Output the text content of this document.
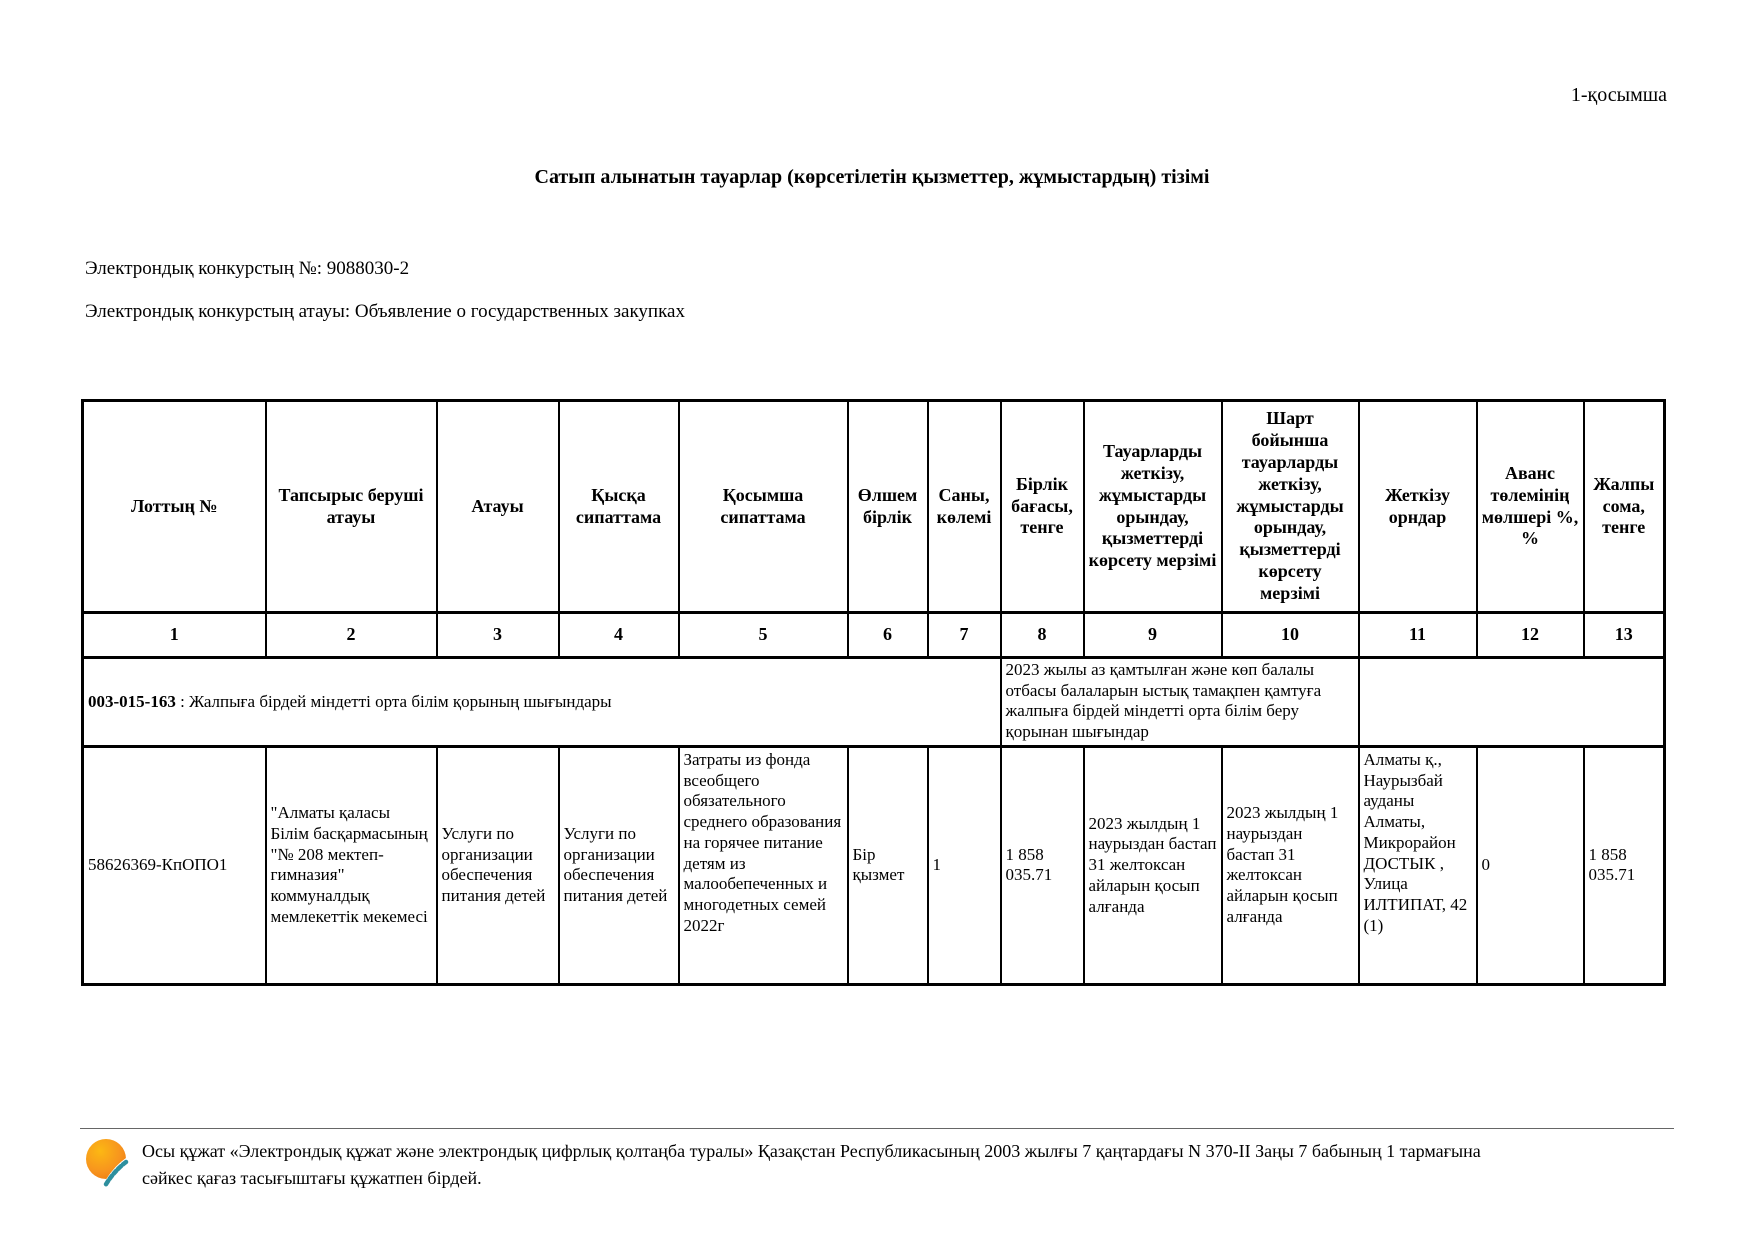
1-қосымша
Сатып алынатын тауарлар (көрсетілетін қызметтер, жұмыстардың) тізімі
Электрондық конкурстың №: 9088030-2
Электрондық конкурстың атауы: Объявление о государственных закупках
Лоттың №	Тапсырыс беруші атауы	Атауы	Қысқа сипаттама	Қосымша сипаттама	Өлшем бірлік	Саны, көлемі	Бірлік бағасы, тенге	Тауарларды жеткізу, жұмыстарды орындау, қызметтерді көрсету мерзімі	Шарт бойынша тауарларды жеткізу, жұмыстарды орындау, қызметтерді көрсету мерзімі	Жеткізу орндар	Аванс төлемінің мөлшері %, %	Жалпы сома, тенге
1	2	3	4	5	6	7	8	9	10	11	12	13
003-015-163 : Жалпыға бірдей міндетті орта білім қорының шығындары							2023 жылы аз қамтылған және көп балалы отбасы балаларын ыстық тамақпен қамтуға жалпыға бірдей міндетті орта білім беру қорынан шығындар					
58626369-КпОПО1	"Алматы қаласы Білім басқармасының "№ 208 мектеп-гимназия" коммуналдық мемлекеттік мекемесі	Услуги по организации обеспечения питания детей	Услуги по организации обеспечения питания детей	Затраты из фонда всеобщего обязательного среднего образования на горячее питание детям из малообепеченных и многодетных семей 2022г	Бір қызмет	1	1 858 035.71	2023 жылдың 1 наурыздан бастап 31 желтоксан айларын қосып алғанда	2023 жылдың 1 наурыздан бастап 31 желтоксан айларын қосып алғанда	Алматы қ., Наурызбай ауданы Алматы, Микрорайон ДОСТЫК , Улица ИЛТИПАТ, 42 (1)	0	1 858 035.71
Осы құжат «Электрондық құжат және электрондық цифрлық қолтаңба туралы» Қазақстан Республикасының 2003 жылғы 7 қаңтардағы N 370-II Заңы 7 бабының 1 тармағына сәйкес қағаз тасығыштағы құжатпен бірдей.
